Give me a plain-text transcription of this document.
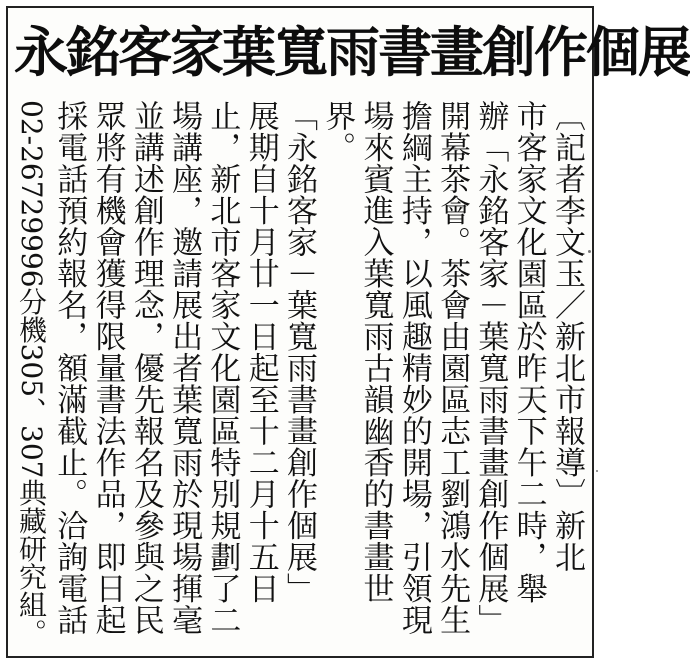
永銘客家 葉寬雨書畫創作個展
〔記者李文玉／新北市報導〕新北
市客家文化園區於昨天下午二時，舉
辦「永銘客家－葉寬雨書畫創作個展」
開幕茶會。茶會由園區志工劉鴻水先生
擔綱主持，以風趣精妙的開場，引領現
場來賓進入葉寬雨古韻幽香的書畫世
界。
「永銘客家－葉寬雨書畫創作個展」
展期自十月廿一日起至十二月十五日
止，新北市客家文化園區特別規劃了二
場講座，邀請展出者葉寬雨於現場揮毫
並講述創作理念，優先報名及參與之民
眾將有機會獲得限量書法作品，即日起
採電話預約報名，額滿截止。洽詢電話
02-26729996分機305、307典藏研究組。
